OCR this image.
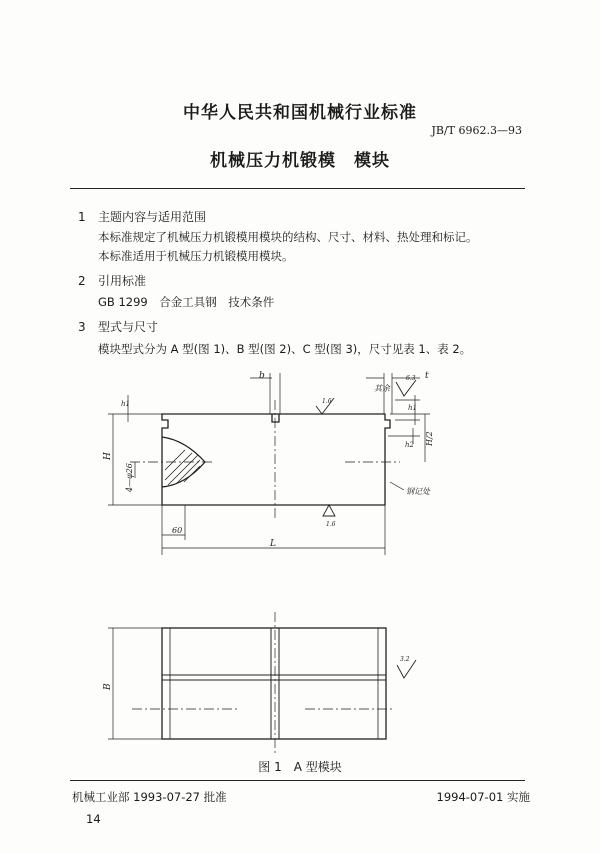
中华人民共和国机械行业标准
JB/T 6962.3—93
机械压力机锻模　模块
1 主题内容与适用范围
本标准规定了机械压力机锻模用模块的结构、尺寸、材料、热处理和标记。
本标准适用于机械压力机锻模用模块。
2 引用标准
GB 1299　合金工具钢　技术条件
3 型式与尺寸
模块型式分为 A 型(图 1)、B 型(图 2)、C 型(图 3)，尺寸见表 1、表 2。
b	t
h1	h1
h2
H
H/2
4—φ26
60
L
B
1.6
1.6
3.2
6.3
其余
钢记处
图 1　A 型模块
机械工业部 1993-07-27 批准	1994-07-01 实施
14
